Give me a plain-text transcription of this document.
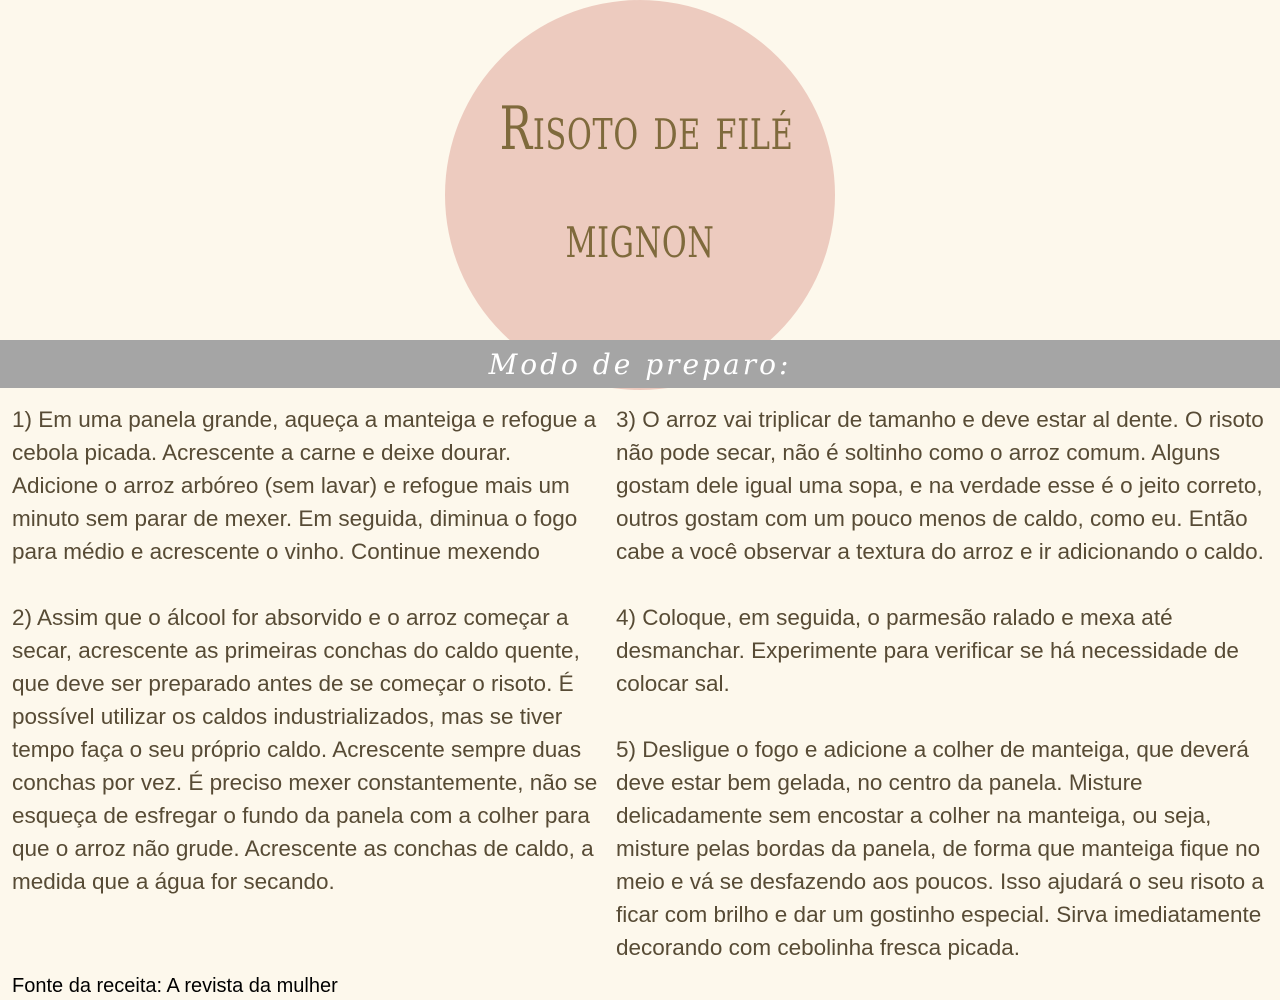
Risoto de filé
mignon
Modo de preparo:

1) Em uma panela grande, aqueça a manteiga e refogue a cebola picada. Acrescente a carne e deixe dourar. Adicione o arroz arbóreo (sem lavar) e refogue mais um minuto sem parar de mexer. Em seguida, diminua o fogo para médio e acrescente o vinho. Continue mexendo

2) Assim que o álcool for absorvido e o arroz começar a secar, acrescente as primeiras conchas do caldo quente, que deve ser preparado antes de se começar o risoto. É possível utilizar os caldos industrializados, mas se tiver tempo faça o seu próprio caldo. Acrescente sempre duas conchas por vez. É preciso mexer constantemente, não se esqueça de esfregar o fundo da panela com a colher para que o arroz não grude. Acrescente as conchas de caldo, a medida que a água for secando.

3) O arroz vai triplicar de tamanho e deve estar al dente. O risoto não pode secar, não é soltinho como o arroz comum. Alguns gostam dele igual uma sopa, e na verdade esse é o jeito correto, outros gostam com um pouco menos de caldo, como eu. Então cabe a você observar a textura do arroz e ir adicionando o caldo.

4) Coloque, em seguida, o parmesão ralado e mexa até desmanchar. Experimente para verificar se há necessidade de colocar sal.

5) Desligue o fogo e adicione a colher de manteiga, que deverá deve estar bem gelada, no centro da panela. Misture delicadamente sem encostar a colher na manteiga, ou seja, misture pelas bordas da panela, de forma que manteiga fique no meio e vá se desfazendo aos poucos. Isso ajudará o seu risoto a ficar com brilho e dar um gostinho especial. Sirva imediatamente decorando com cebolinha fresca picada.

Fonte da receita: A revista da mulher
